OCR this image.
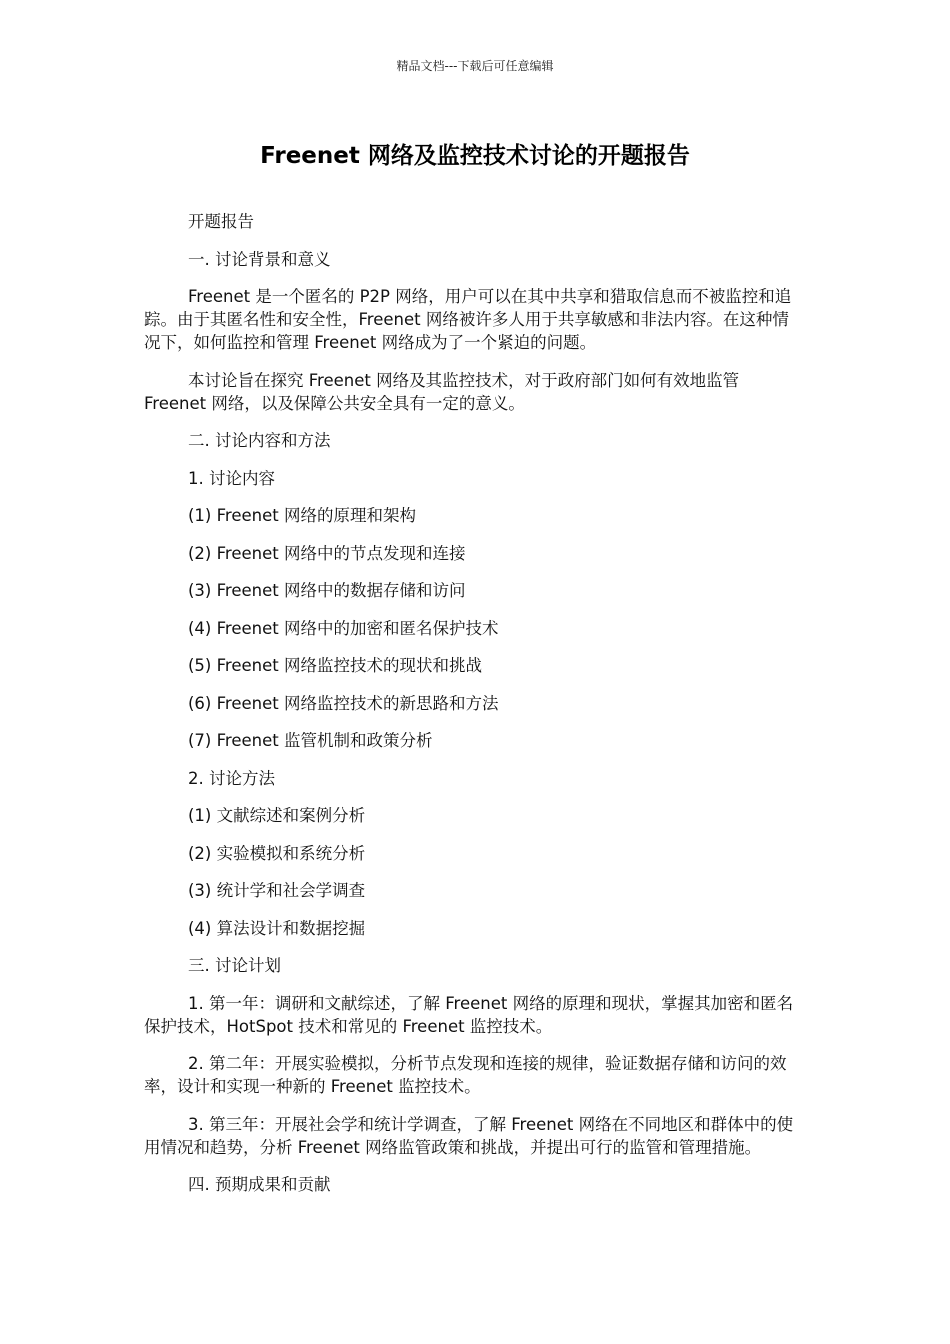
精品文档---下载后可任意编辑
Freenet 网络及监控技术讨论的开题报告

开题报告

一. 讨论背景和意义

Freenet 是一个匿名的 P2P 网络，用户可以在其中共享和猎取信息而不被监控和追踪。由于其匿名性和安全性，Freenet 网络被许多人用于共享敏感和非法内容。在这种情况下，如何监控和管理 Freenet 网络成为了一个紧迫的问题。

本讨论旨在探究 Freenet 网络及其监控技术，对于政府部门如何有效地监管 Freenet 网络，以及保障公共安全具有一定的意义。

二. 讨论内容和方法

1. 讨论内容

(1) Freenet 网络的原理和架构

(2) Freenet 网络中的节点发现和连接

(3) Freenet 网络中的数据存储和访问

(4) Freenet 网络中的加密和匿名保护技术

(5) Freenet 网络监控技术的现状和挑战

(6) Freenet 网络监控技术的新思路和方法

(7) Freenet 监管机制和政策分析

2. 讨论方法

(1) 文献综述和案例分析

(2) 实验模拟和系统分析

(3) 统计学和社会学调查

(4) 算法设计和数据挖掘

三. 讨论计划

1. 第一年：调研和文献综述，了解 Freenet 网络的原理和现状，掌握其加密和匿名保护技术，HotSpot 技术和常见的 Freenet 监控技术。

2. 第二年：开展实验模拟，分析节点发现和连接的规律，验证数据存储和访问的效率，设计和实现一种新的 Freenet 监控技术。

3. 第三年：开展社会学和统计学调查，了解 Freenet 网络在不同地区和群体中的使用情况和趋势，分析 Freenet 网络监管政策和挑战，并提出可行的监管和管理措施。

四. 预期成果和贡献
